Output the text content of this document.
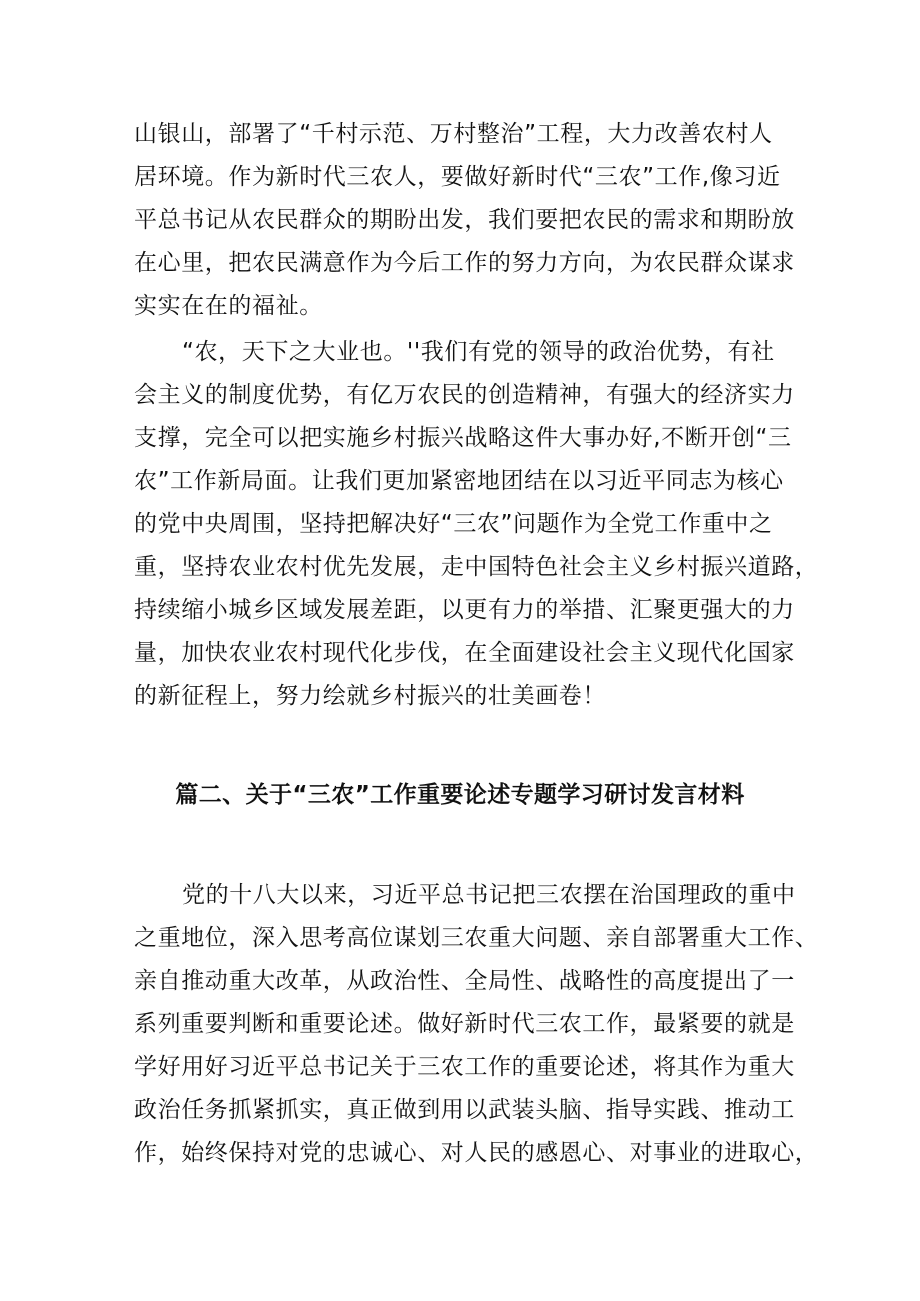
山银山，部署了“千村示范、万村整治”工程，大力改善农村人

居环境。作为新时代三农人，要做好新时代“三农”工作,像习近

平总书记从农民群众的期盼出发，我们要把农民的需求和期盼放

在心里，把农民满意作为今后工作的努力方向，为农民群众谋求

实实在在的福祉。

“农，天下之大业也。''我们有党的领导的政治优势，有社

会主义的制度优势，有亿万农民的创造精神，有强大的经济实力

支撑，完全可以把实施乡村振兴战略这件大事办好,不断开创“三

农”工作新局面。让我们更加紧密地团结在以习近平同志为核心

的党中央周围，坚持把解决好“三农”问题作为全党工作重中之

重，坚持农业农村优先发展，走中国特色社会主义乡村振兴道路，

持续缩小城乡区域发展差距，以更有力的举措、汇聚更强大的力

量，加快农业农村现代化步伐，在全面建设社会主义现代化国家

的新征程上，努力绘就乡村振兴的壮美画卷！

篇二、关于“三农”工作重要论述专题学习研讨发言材料

党的十八大以来，习近平总书记把三农摆在治国理政的重中

之重地位，深入思考高位谋划三农重大问题、亲自部署重大工作、

亲自推动重大改革，从政治性、全局性、战略性的高度提出了一

系列重要判断和重要论述。做好新时代三农工作，最紧要的就是

学好用好习近平总书记关于三农工作的重要论述，将其作为重大

政治任务抓紧抓实，真正做到用以武装头脑、指导实践、推动工

作，始终保持对党的忠诚心、对人民的感恩心、对事业的进取心，
